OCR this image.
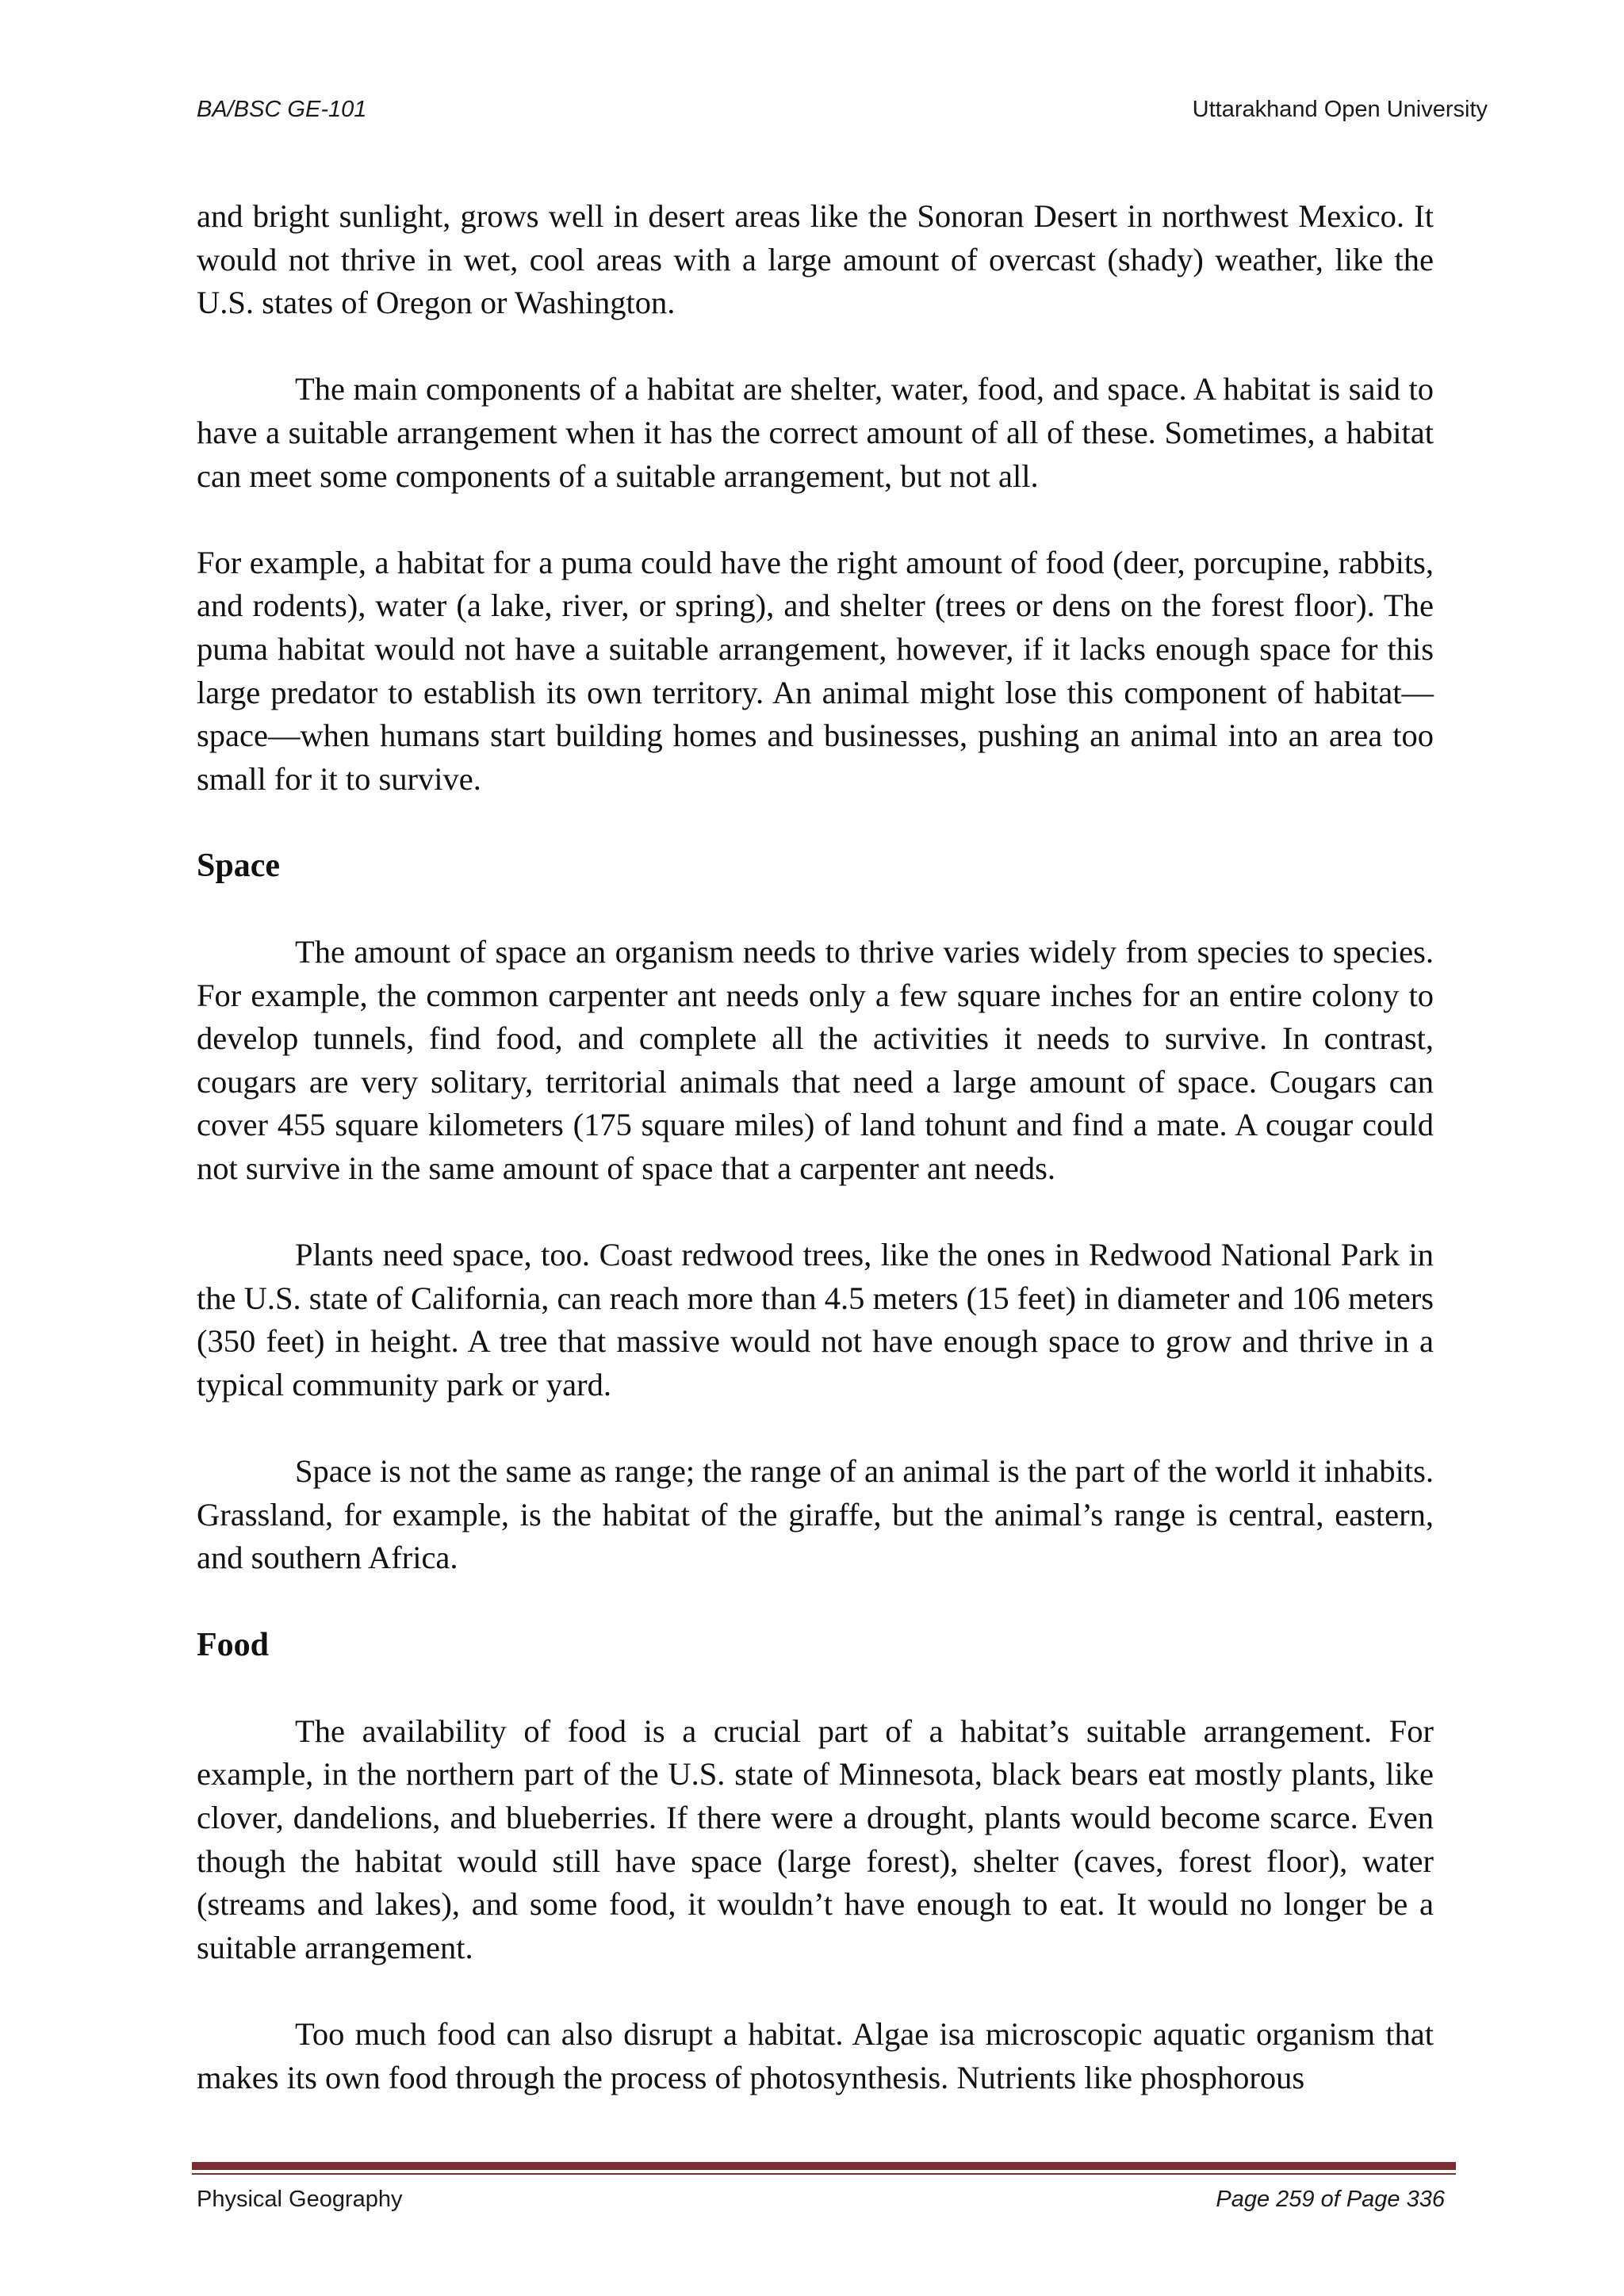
BA/BSC GE-101	Uttarakhand Open University

and bright sunlight, grows well in desert areas like the Sonoran Desert in northwest Mexico. It would not thrive in wet, cool areas with a large amount of overcast (shady) weather, like the U.S. states of Oregon or Washington.

The main components of a habitat are shelter, water, food, and space. A habitat is said to have a suitable arrangement when it has the correct amount of all of these. Sometimes, a habitat can meet some components of a suitable arrangement, but not all.

For example, a habitat for a puma could have the right amount of food (deer, porcupine, rabbits, and rodents), water (a lake, river, or spring), and shelter (trees or dens on the forest floor). The puma habitat would not have a suitable arrangement, however, if it lacks enough space for this large predator to establish its own territory. An animal might lose this component of habitat—space—when humans start building homes and businesses, pushing an animal into an area too small for it to survive.

Space

The amount of space an organism needs to thrive varies widely from species to species. For example, the common carpenter ant needs only a few square inches for an entire colony to develop tunnels, find food, and complete all the activities it needs to survive. In contrast, cougars are very solitary, territorial animals that need a large amount of space. Cougars can cover 455 square kilometers (175 square miles) of land tohunt and find a mate. A cougar could not survive in the same amount of space that a carpenter ant needs.

Plants need space, too. Coast redwood trees, like the ones in Redwood National Park in the U.S. state of California, can reach more than 4.5 meters (15 feet) in diameter and 106 meters (350 feet) in height. A tree that massive would not have enough space to grow and thrive in a typical community park or yard.

Space is not the same as range; the range of an animal is the part of the world it inhabits. Grassland, for example, is the habitat of the giraffe, but the animal’s range is central, eastern, and southern Africa.

Food

The availability of food is a crucial part of a habitat’s suitable arrangement. For example, in the northern part of the U.S. state of Minnesota, black bears eat mostly plants, like clover, dandelions, and blueberries. If there were a drought, plants would become scarce. Even though the habitat would still have space (large forest), shelter (caves, forest floor), water (streams and lakes), and some food, it wouldn’t have enough to eat. It would no longer be a suitable arrangement.

Too much food can also disrupt a habitat. Algae isa microscopic aquatic organism that makes its own food through the process of photosynthesis. Nutrients like phosphorous

Physical Geography	Page 259 of Page 336
